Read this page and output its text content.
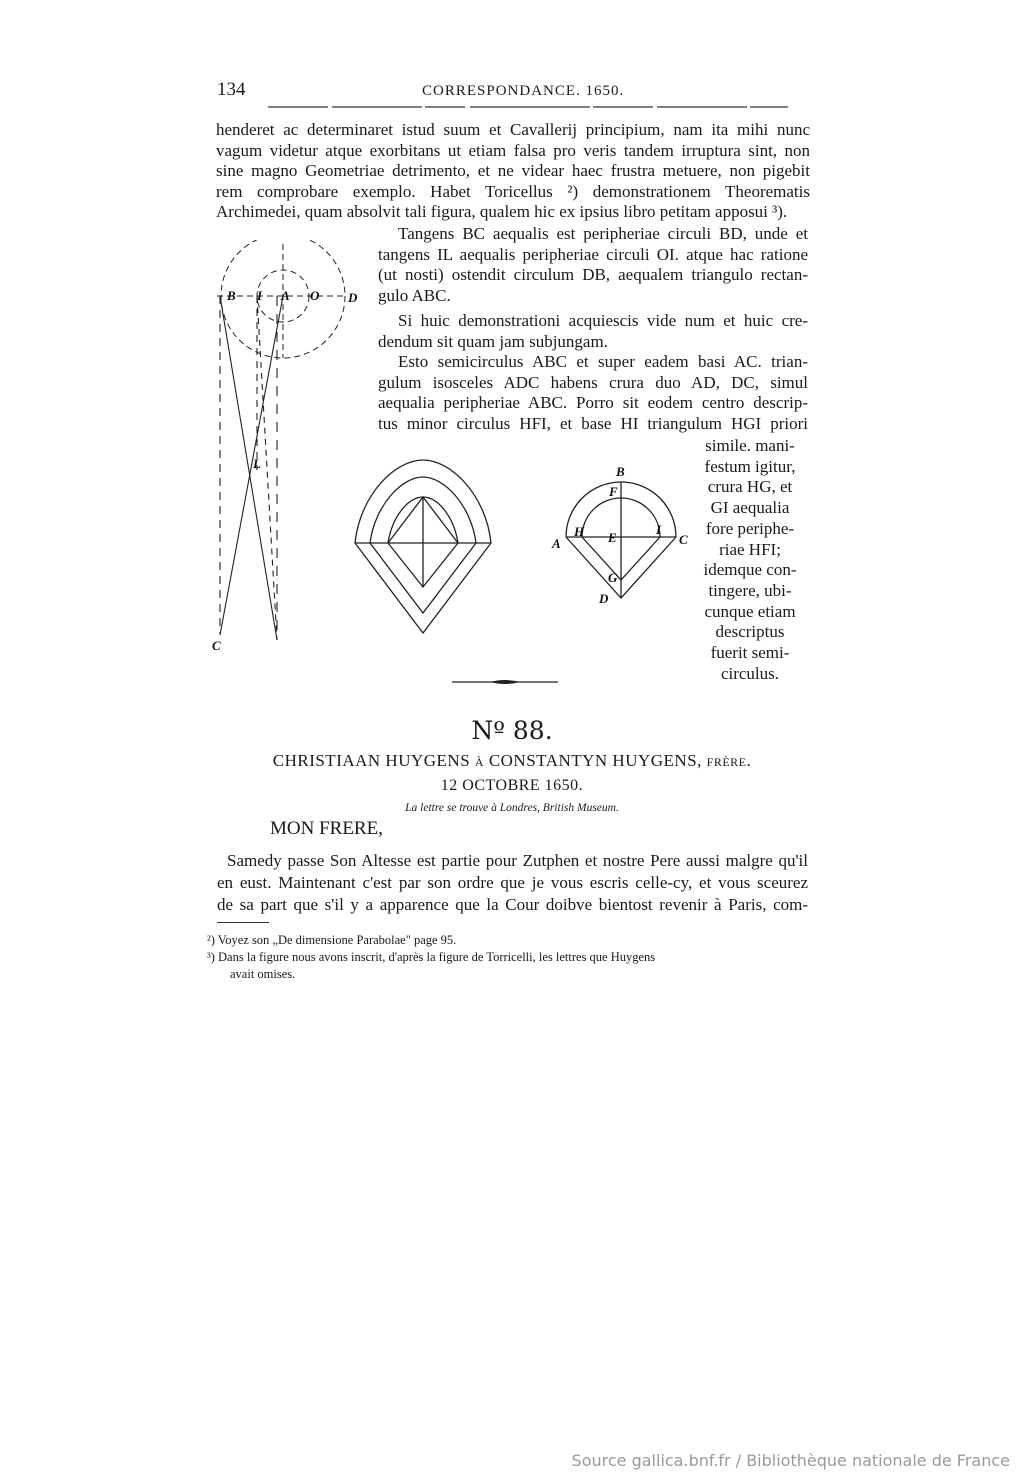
134	CORRESPONDANCE. 1650.
henderet ac determinaret istud suum et Cavallerij principium, nam ita mihi nunc
vagum videtur atque exorbitans ut etiam falsa pro veris tandem irruptura sint, non
sine magno Geometriae detrimento, et ne videar haec frustra metuere, non pigebit
rem comprobare exemplo. Habet Toricellus ²) demonstrationem Theorematis
Archimedei, quam absolvit tali figura, qualem hic ex ipsius libro petitam apposui ³).
Tangens BC aequalis est peripheriae circuli BD, unde et
tangens IL aequalis peripheriae circuli OI. atque hac ratione
(ut nosti) ostendit circulum DB, aequalem triangulo rectan-
gulo ABC.
Si huic demonstrationi acquiescis vide num et huic cre-
dendum sit quam jam subjungam.
Esto semicirculus ABC et super eadem basi AC. trian-
gulum isosceles ADC habens crura duo AD, DC, simul
aequalia peripheriae ABC. Porro sit eodem centro descrip-
tus minor circulus HFI, et base HI triangulum HGI priori
simile. mani-
festum igitur,
crura HG, et
GI aequalia
fore periphe-
riae HFI;
idemque con-
tingere, ubi-
cunque etiam
descriptus
fuerit semi-
circulus.
B I A O D
L
C
B
F
A
H E
I
C
G
D
Nº 88.
CHRISTIAAN HUYGENS à CONSTANTYN HUYGENS, frère.
12 OCTOBRE 1650.
La lettre se trouve à Londres, British Museum.
MON FRERE,
Samedy passe Son Altesse est partie pour Zutphen et nostre Pere aussi malgre qu'il
en eust. Maintenant c'est par son ordre que je vous escris celle-cy, et vous sceurez
de sa part que s'il y a apparence que la Cour doibve bientost revenir à Paris, com-
²) Voyez son „De dimensione Parabolae" page 95.
³) Dans la figure nous avons inscrit, d'après la figure de Torricelli, les lettres que Huygens
avait omises.
Source gallica.bnf.fr / Bibliothèque nationale de France
